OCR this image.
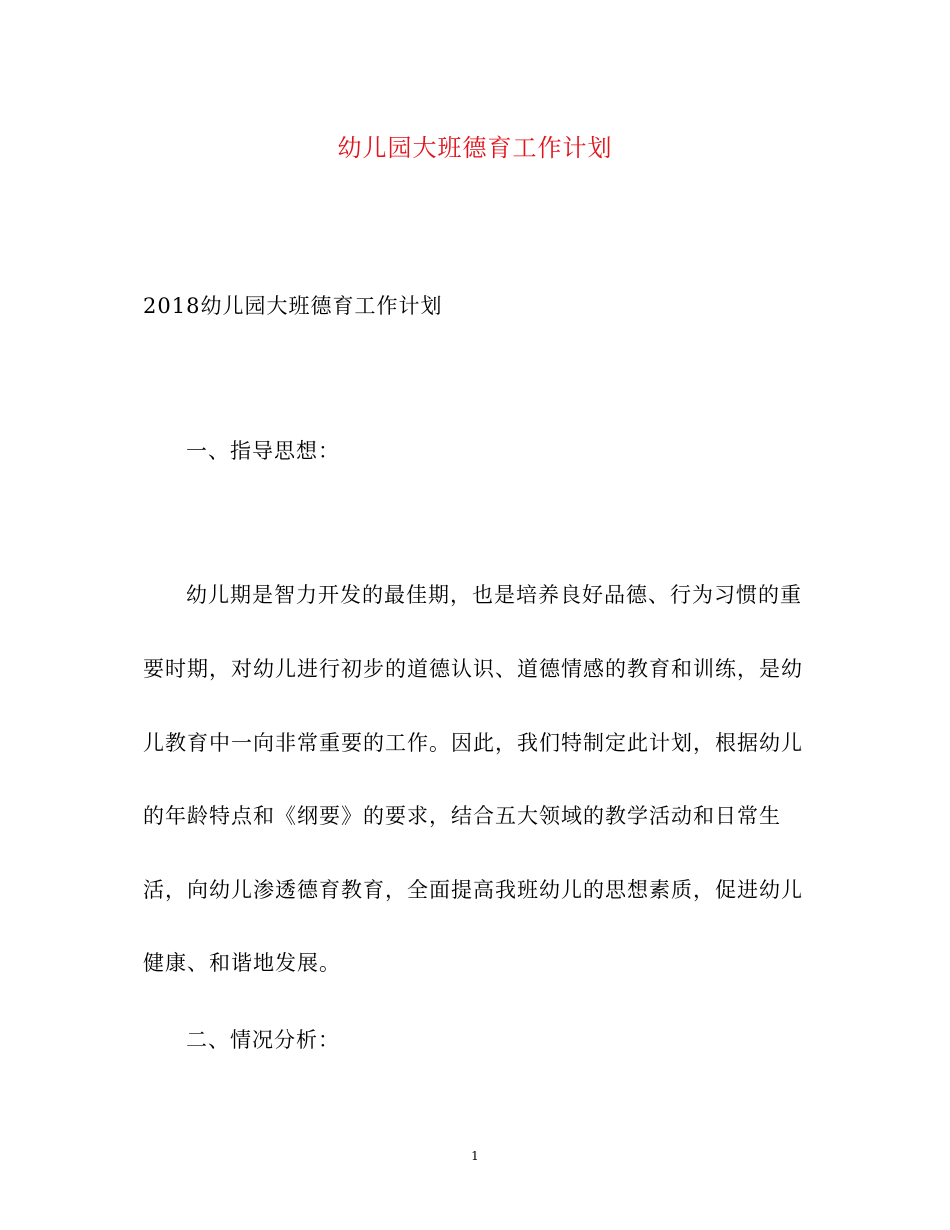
幼儿园大班德育工作计划
2018幼儿园大班德育工作计划
一、指导思想：
幼儿期是智力开发的最佳期，也是培养良好品德、行为习惯的重
要时期，对幼儿进行初步的道德认识、道德情感的教育和训练，是幼
儿教育中一向非常重要的工作。因此，我们特制定此计划，根据幼儿
的年龄特点和《纲要》的要求，结合五大领域的教学活动和日常生
活，向幼儿渗透德育教育，全面提高我班幼儿的思想素质，促进幼儿
健康、和谐地发展。
二、情况分析：
1
